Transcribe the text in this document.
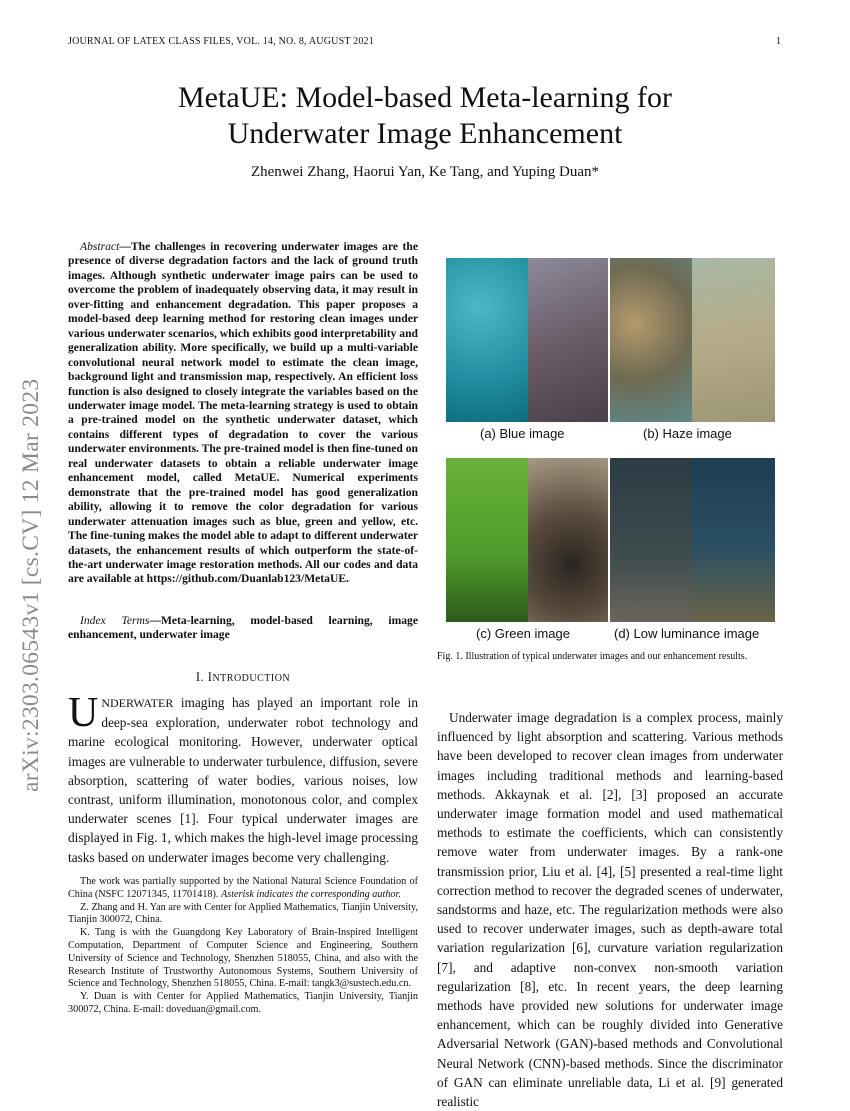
JOURNAL OF LATEX CLASS FILES, VOL. 14, NO. 8, AUGUST 2021	1
MetaUE: Model-based Meta-learning for
Underwater Image Enhancement
Zhenwei Zhang, Haorui Yan, Ke Tang, and Yuping Duan*
arXiv:2303.06543v1 [cs.CV] 12 Mar 2023
Abstract—The challenges in recovering underwater images are the presence of diverse degradation factors and the lack of ground truth images. Although synthetic underwater image pairs can be used to overcome the problem of inadequately observing data, it may result in over-fitting and enhancement degradation. This paper proposes a model-based deep learning method for restoring clean images under various underwater scenarios, which exhibits good interpretability and generalization ability. More specifically, we build up a multi-variable convolutional neural network model to estimate the clean image, background light and transmission map, respectively. An efficient loss function is also designed to closely integrate the variables based on the underwater image model. The meta-learning strategy is used to obtain a pre-trained model on the synthetic underwater dataset, which contains different types of degradation to cover the various underwater environments. The pre-trained model is then fine-tuned on real underwater datasets to obtain a reliable underwater image enhancement model, called MetaUE. Numerical experiments demonstrate that the pre-trained model has good generalization ability, allowing it to remove the color degradation for various underwater attenuation images such as blue, green and yellow, etc. The fine-tuning makes the model able to adapt to different underwater datasets, the enhancement results of which outperform the state-of-the-art underwater image restoration methods. All our codes and data are available at https://github.com/Duanlab123/MetaUE.
Index Terms—Meta-learning, model-based learning, image enhancement, underwater image
I. INTRODUCTION
UNDERWATER imaging has played an important role in deep-sea exploration, underwater robot technology and marine ecological monitoring. However, underwater optical images are vulnerable to underwater turbulence, diffusion, severe absorption, scattering of water bodies, various noises, low contrast, uniform illumination, monotonous color, and complex underwater scenes [1]. Four typical underwater images are displayed in Fig. 1, which makes the high-level image processing tasks based on underwater images become very challenging.

The work was partially supported by the National Natural Science Foundation of China (NSFC 12071345, 11701418). Asterisk indicates the corresponding author.

Z. Zhang and H. Yan are with Center for Applied Mathematics, Tianjin University, Tianjin 300072, China.

K. Tang is with the Guangdong Key Laboratory of Brain-Inspired Intelligent Computation, Department of Computer Science and Engineering, Southern University of Science and Technology, Shenzhen 518055, China, and also with the Research Institute of Trustworthy Autonomous Systems, Southern University of Science and Technology, Shenzhen 518055, China. E-mail: tangk3@sustech.edu.cn.

Y. Duan is with Center for Applied Mathematics, Tianjin University, Tianjin 300072, China. E-mail: doveduan@gmail.com.

(a) Blue image	(b) Haze image
(c) Green image	(d) Low luminance image
Fig. 1. Illustration of typical underwater images and our enhancement results.
Underwater image degradation is a complex process, mainly influenced by light absorption and scattering. Various methods have been developed to recover clean images from underwater images including traditional methods and learning-based methods. Akkaynak et al. [2], [3] proposed an accurate underwater image formation model and used mathematical methods to estimate the coefficients, which can consistently remove water from underwater images. By a rank-one transmission prior, Liu et al. [4], [5] presented a real-time light correction method to recover the degraded scenes of underwater, sandstorms and haze, etc. The regularization methods were also used to recover underwater images, such as depth-aware total variation regularization [6], curvature variation regularization [7], and adaptive non-convex non-smooth variation regularization [8], etc. In recent years, the deep learning methods have provided new solutions for underwater image enhancement, which can be roughly divided into Generative Adversarial Network (GAN)-based methods and Convolutional Neural Network (CNN)-based methods. Since the discriminator of GAN can eliminate unreliable data, Li et al. [9] generated realistic
